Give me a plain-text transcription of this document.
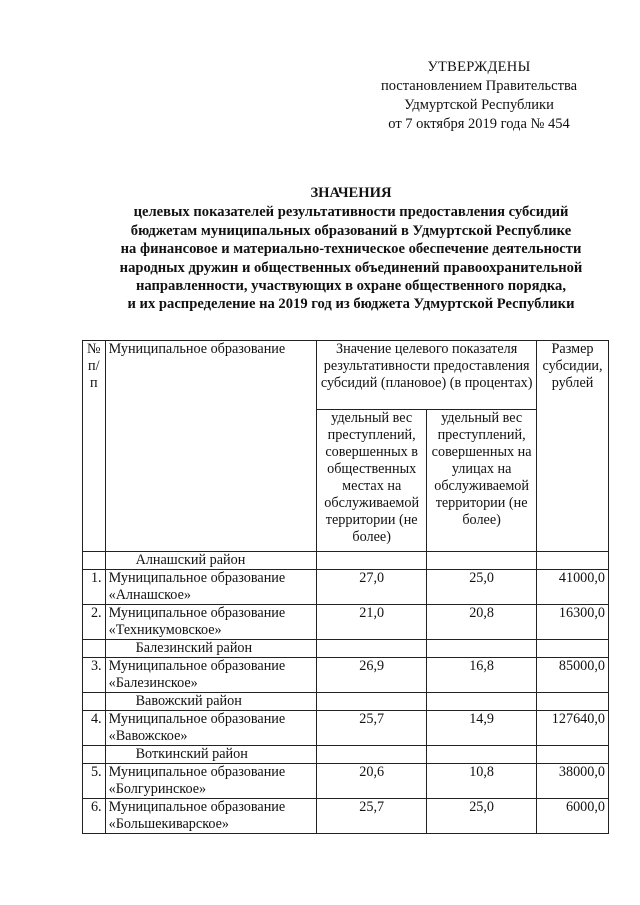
УТВЕРЖДЕНЫ
постановлением Правительства
Удмуртской Республики
от 7 октября 2019 года № 454
ЗНАЧЕНИЯ
целевых показателей результативности предоставления субсидий
бюджетам муниципальных образований в Удмуртской Республике
на финансовое и материально-техническое обеспечение деятельности
народных дружин и общественных объединений правоохранительной
направленности, участвующих в охране общественного порядка,
и их распределение на 2019 год из бюджета Удмуртской Республики
№ п/п	Муниципальное образование	Значение целевого показателя результативности предоставления субсидий (плановое) (в процентах)		Размер субсидии, рублей
		удельный вес преступлений, совершенных в общественных местах на обслуживаемой территории (не более)	удельный вес преступлений, совершенных на улицах на обслуживаемой территории (не более)	
	Алнашский район			
1.	Муниципальное образование «Алнашское»	27,0	25,0	41000,0
2.	Муниципальное образование «Техникумовское»	21,0	20,8	16300,0
	Балезинский район			
3.	Муниципальное образование «Балезинское»	26,9	16,8	85000,0
	Вавожский район			
4.	Муниципальное образование «Вавожское»	25,7	14,9	127640,0
	Воткинский район			
5.	Муниципальное образование «Болгуринское»	20,6	10,8	38000,0
6.	Муниципальное образование «Большекиварское»	25,7	25,0	6000,0
